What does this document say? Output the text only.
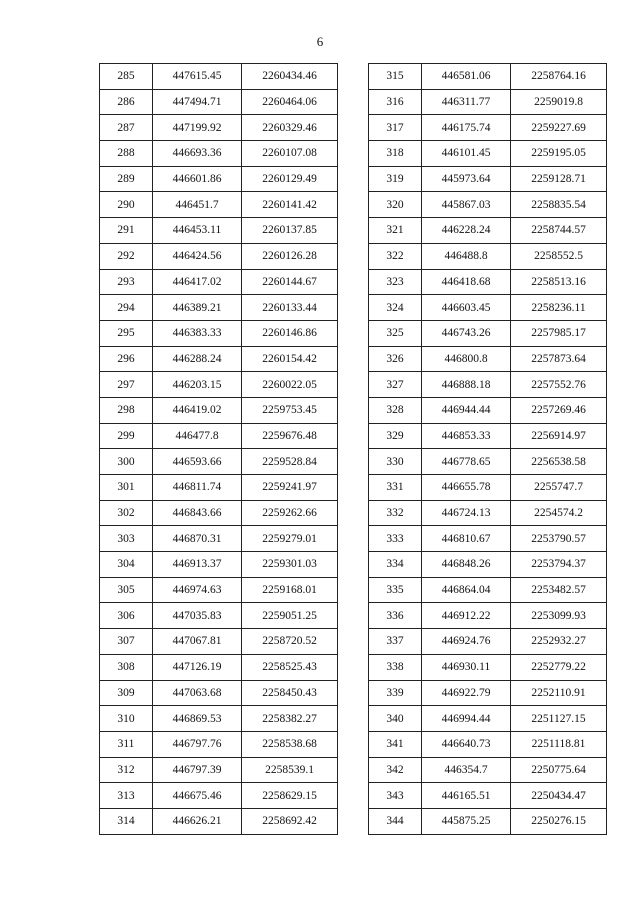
6
285	447615.45	2260434.46
286	447494.71	2260464.06
287	447199.92	2260329.46
288	446693.36	2260107.08
289	446601.86	2260129.49
290	446451.7	2260141.42
291	446453.11	2260137.85
292	446424.56	2260126.28
293	446417.02	2260144.67
294	446389.21	2260133.44
295	446383.33	2260146.86
296	446288.24	2260154.42
297	446203.15	2260022.05
298	446419.02	2259753.45
299	446477.8	2259676.48
300	446593.66	2259528.84
301	446811.74	2259241.97
302	446843.66	2259262.66
303	446870.31	2259279.01
304	446913.37	2259301.03
305	446974.63	2259168.01
306	447035.83	2259051.25
307	447067.81	2258720.52
308	447126.19	2258525.43
309	447063.68	2258450.43
310	446869.53	2258382.27
311	446797.76	2258538.68
312	446797.39	2258539.1
313	446675.46	2258629.15
314	446626.21	2258692.42
315	446581.06	2258764.16
316	446311.77	2259019.8
317	446175.74	2259227.69
318	446101.45	2259195.05
319	445973.64	2259128.71
320	445867.03	2258835.54
321	446228.24	2258744.57
322	446488.8	2258552.5
323	446418.68	2258513.16
324	446603.45	2258236.11
325	446743.26	2257985.17
326	446800.8	2257873.64
327	446888.18	2257552.76
328	446944.44	2257269.46
329	446853.33	2256914.97
330	446778.65	2256538.58
331	446655.78	2255747.7
332	446724.13	2254574.2
333	446810.67	2253790.57
334	446848.26	2253794.37
335	446864.04	2253482.57
336	446912.22	2253099.93
337	446924.76	2252932.27
338	446930.11	2252779.22
339	446922.79	2252110.91
340	446994.44	2251127.15
341	446640.73	2251118.81
342	446354.7	2250775.64
343	446165.51	2250434.47
344	445875.25	2250276.15
